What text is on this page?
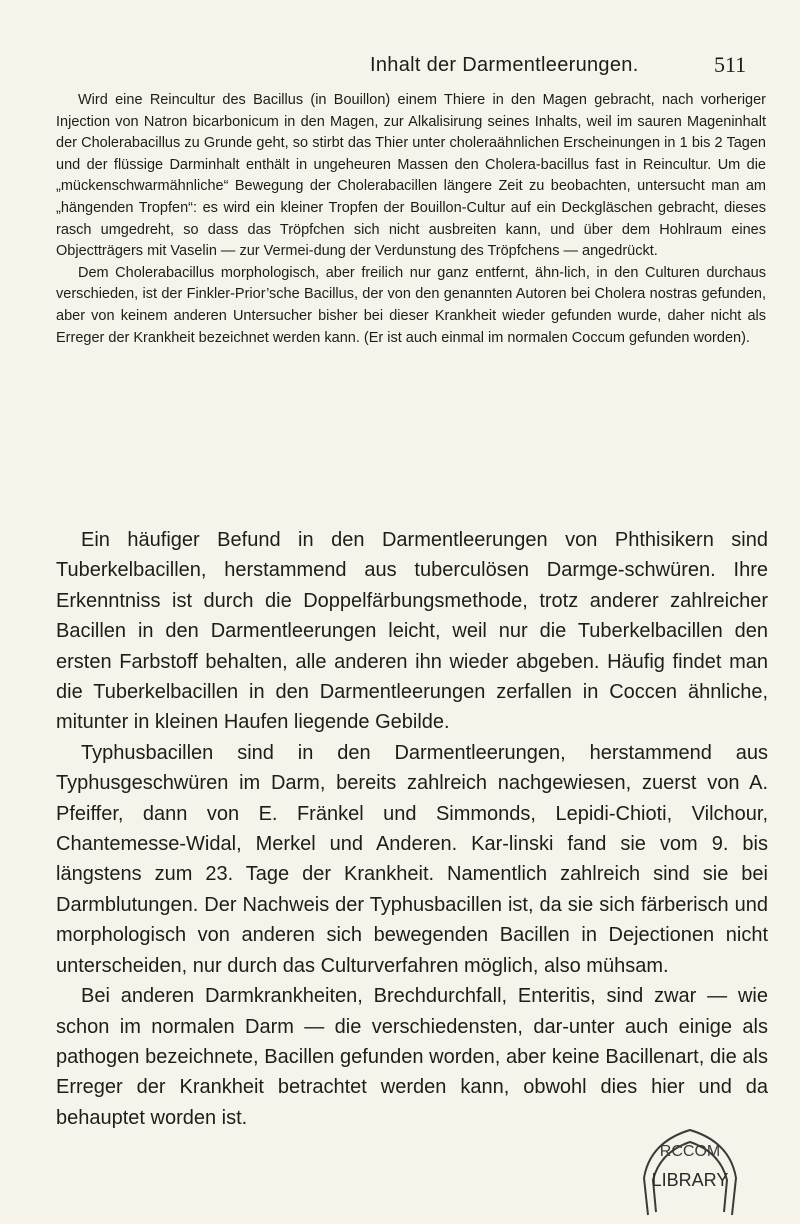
Inhalt der Darmentleerungen.	511

Wird eine Reincultur des Bacillus (in Bouillon) einem Thiere in den Magen gebracht, nach vorheriger Injection von Natron bicarbonicum in den Magen, zur Alkalisirung seines Inhalts, weil im sauren Mageninhalt der Cholerabacillus zu Grunde geht, so stirbt das Thier unter choleraähnlichen Erscheinungen in 1 bis 2 Tagen und der flüssige Darminhalt enthält in ungeheuren Massen den Cholera-bacillus fast in Reincultur. Um die „mückenschwarmähnliche“ Bewegung der Cholerabacillen längere Zeit zu beobachten, untersucht man am „hängenden Tropfen“: es wird ein kleiner Tropfen der Bouillon-Cultur auf ein Deckgläschen gebracht, dieses rasch umgedreht, so dass das Tröpfchen sich nicht ausbreiten kann, und über dem Hohlraum eines Objectträgers mit Vaselin — zur Vermei-dung der Verdunstung des Tröpfchens — angedrückt.

Dem Cholerabacillus morphologisch, aber freilich nur ganz entfernt, ähn-lich, in den Culturen durchaus verschieden, ist der Finkler-Prior’sche Bacillus, der von den genannten Autoren bei Cholera nostras gefunden, aber von keinem anderen Untersucher bisher bei dieser Krankheit wieder gefunden wurde, daher nicht als Erreger der Krankheit bezeichnet werden kann. (Er ist auch einmal im normalen Coccum gefunden worden).

Ein häufiger Befund in den Darmentleerungen von Phthisikern sind Tuberkelbacillen, herstammend aus tuberculösen Darmge-schwüren. Ihre Erkenntniss ist durch die Doppelfärbungsmethode, trotz anderer zahlreicher Bacillen in den Darmentleerungen leicht, weil nur die Tuberkelbacillen den ersten Farbstoff behalten, alle anderen ihn wieder abgeben. Häufig findet man die Tuberkelbacillen in den Darmentleerungen zerfallen in Coccen ähnliche, mitunter in kleinen Haufen liegende Gebilde.

Typhusbacillen sind in den Darmentleerungen, herstammend aus Typhusgeschwüren im Darm, bereits zahlreich nachgewiesen, zuerst von A. Pfeiffer, dann von E. Fränkel und Simmonds, Lepidi-Chioti, Vilchour, Chantemesse-Widal, Merkel und Anderen. Kar-linski fand sie vom 9. bis längstens zum 23. Tage der Krankheit. Namentlich zahlreich sind sie bei Darmblutungen. Der Nachweis der Typhusbacillen ist, da sie sich färberisch und morphologisch von anderen sich bewegenden Bacillen in Dejectionen nicht unterscheiden, nur durch das Culturverfahren möglich, also mühsam.

Bei anderen Darmkrankheiten, Brechdurchfall, Enteritis, sind zwar — wie schon im normalen Darm — die verschiedensten, dar-unter auch einige als pathogen bezeichnete, Bacillen gefunden worden, aber keine Bacillenart, die als Erreger der Krankheit betrachtet werden kann, obwohl dies hier und da behauptet worden ist.

RCCOM
LIBRARY
